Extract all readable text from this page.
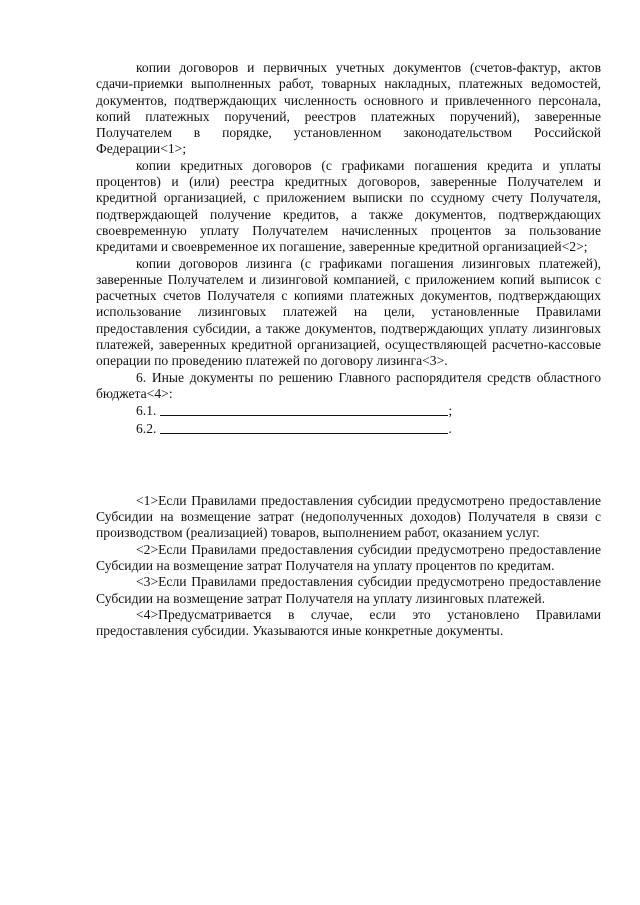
копии договоров и первичных учетных документов (счетов-фактур, актов сдачи-приемки выполненных работ, товарных накладных, платежных ведомостей, документов, подтверждающих численность основного и привлеченного персонала, копий платежных поручений, реестров платежных поручений), заверенные Получателем в порядке, установленном законодательством Российской Федерации<1>;

копии кредитных договоров (с графиками погашения кредита и уплаты процентов) и (или) реестра кредитных договоров, заверенные Получателем и кредитной организацией, с приложением выписки по ссудному счету Получателя, подтверждающей получение кредитов, а также документов, подтверждающих своевременную уплату Получателем начисленных процентов за пользование кредитами и своевременное их погашение, заверенные кредитной организацией<2>;

копии договоров лизинга (с графиками погашения лизинговых платежей), заверенные Получателем и лизинговой компанией, с приложением копий выписок с расчетных счетов Получателя с копиями платежных документов, подтверждающих использование лизинговых платежей на цели, установленные Правилами предоставления субсидии, а также документов, подтверждающих уплату лизинговых платежей, заверенных кредитной организацией, осуществляющей расчетно-кассовые операции по проведению платежей по договору лизинга<3>.

6. Иные документы по решению Главного распорядителя средств областного бюджета<4>:

6.1.	;

6.2.	.

<1>Если Правилами предоставления субсидии предусмотрено предоставление Субсидии на возмещение затрат (недополученных доходов) Получателя в связи с производством (реализацией) товаров, выполнением работ, оказанием услуг.

<2>Если Правилами предоставления субсидии предусмотрено предоставление Субсидии на возмещение затрат Получателя на уплату процентов по кредитам.

<3>Если Правилами предоставления субсидии предусмотрено предоставление Субсидии на возмещение затрат Получателя на уплату лизинговых платежей.

<4>Предусматривается в случае, если это установлено Правилами предоставления субсидии. Указываются иные конкретные документы.
